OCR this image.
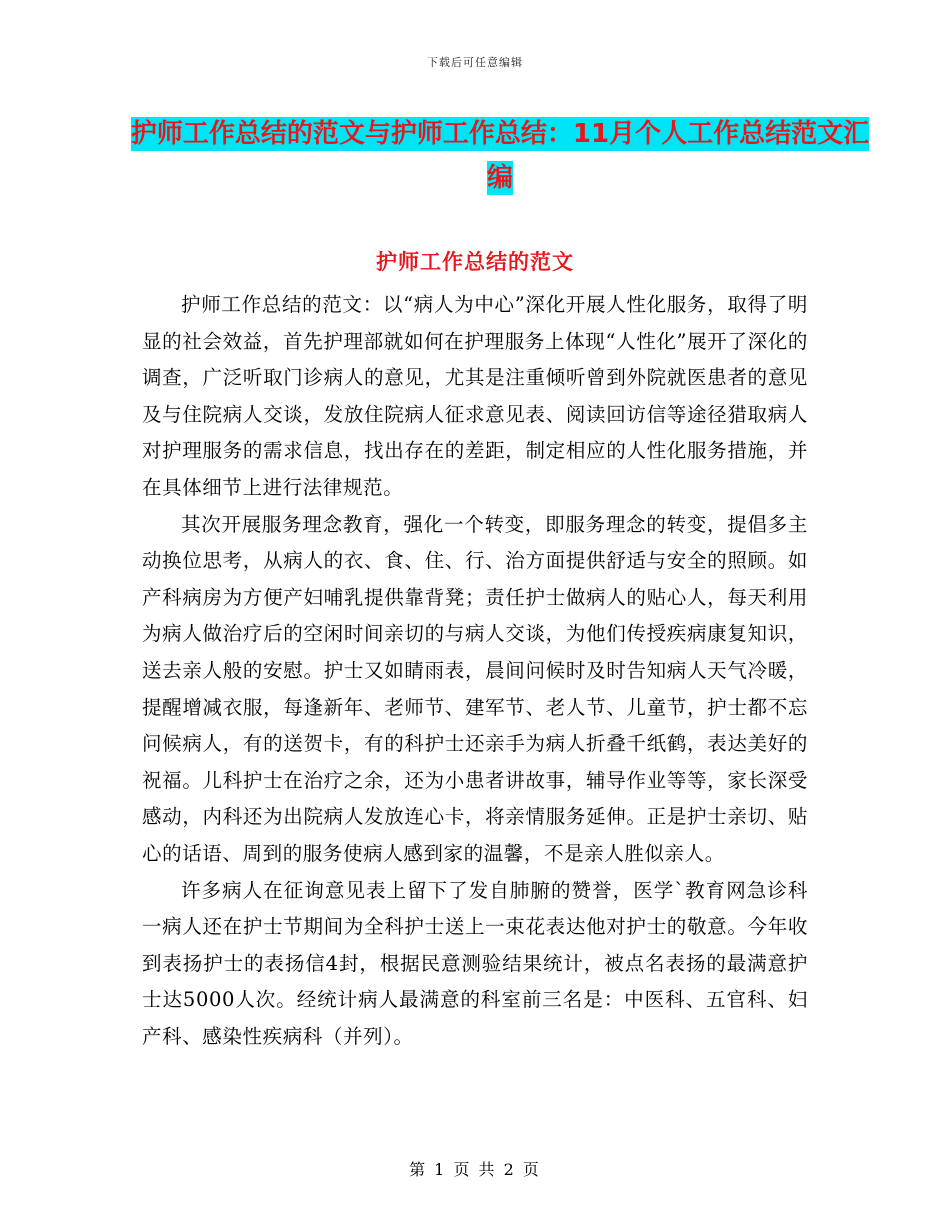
下载后可任意编辑
护师工作总结的范文与护师工作总结：11月个人工作总结范文汇编
护师工作总结的范文

护师工作总结的范文：以“病人为中心”深化开展人性化服务，取得了明显的社会效益，首先护理部就如何在护理服务上体现“人性化”展开了深化的调查，广泛听取门诊病人的意见，尤其是注重倾听曾到外院就医患者的意见及与住院病人交谈，发放住院病人征求意见表、阅读回访信等途径猎取病人对护理服务的需求信息，找出存在的差距，制定相应的人性化服务措施，并在具体细节上进行法律规范。

其次开展服务理念教育，强化一个转变，即服务理念的转变，提倡多主动换位思考，从病人的衣、食、住、行、治方面提供舒适与安全的照顾。如产科病房为方便产妇哺乳提供靠背凳；责任护士做病人的贴心人，每天利用为病人做治疗后的空闲时间亲切的与病人交谈，为他们传授疾病康复知识，送去亲人般的安慰。护士又如睛雨表，晨间问候时及时告知病人天气冷暖，提醒增减衣服，每逢新年、老师节、建军节、老人节、儿童节，护士都不忘问候病人，有的送贺卡，有的科护士还亲手为病人折叠千纸鹤，表达美好的祝福。儿科护士在治疗之余，还为小患者讲故事，辅导作业等等，家长深受感动，内科还为出院病人发放连心卡，将亲情服务延伸。正是护士亲切、贴心的话语、周到的服务使病人感到家的温馨，不是亲人胜似亲人。

许多病人在征询意见表上留下了发自肺腑的赞誉，医学`教育网急诊科一病人还在护士节期间为全科护士送上一束花表达他对护士的敬意。今年收到表扬护士的表扬信4封，根据民意测验结果统计，被点名表扬的最满意护士达5000人次。经统计病人最满意的科室前三名是：中医科、五官科、妇产科、感染性疾病科（并列）。

第 1 页 共 2 页
